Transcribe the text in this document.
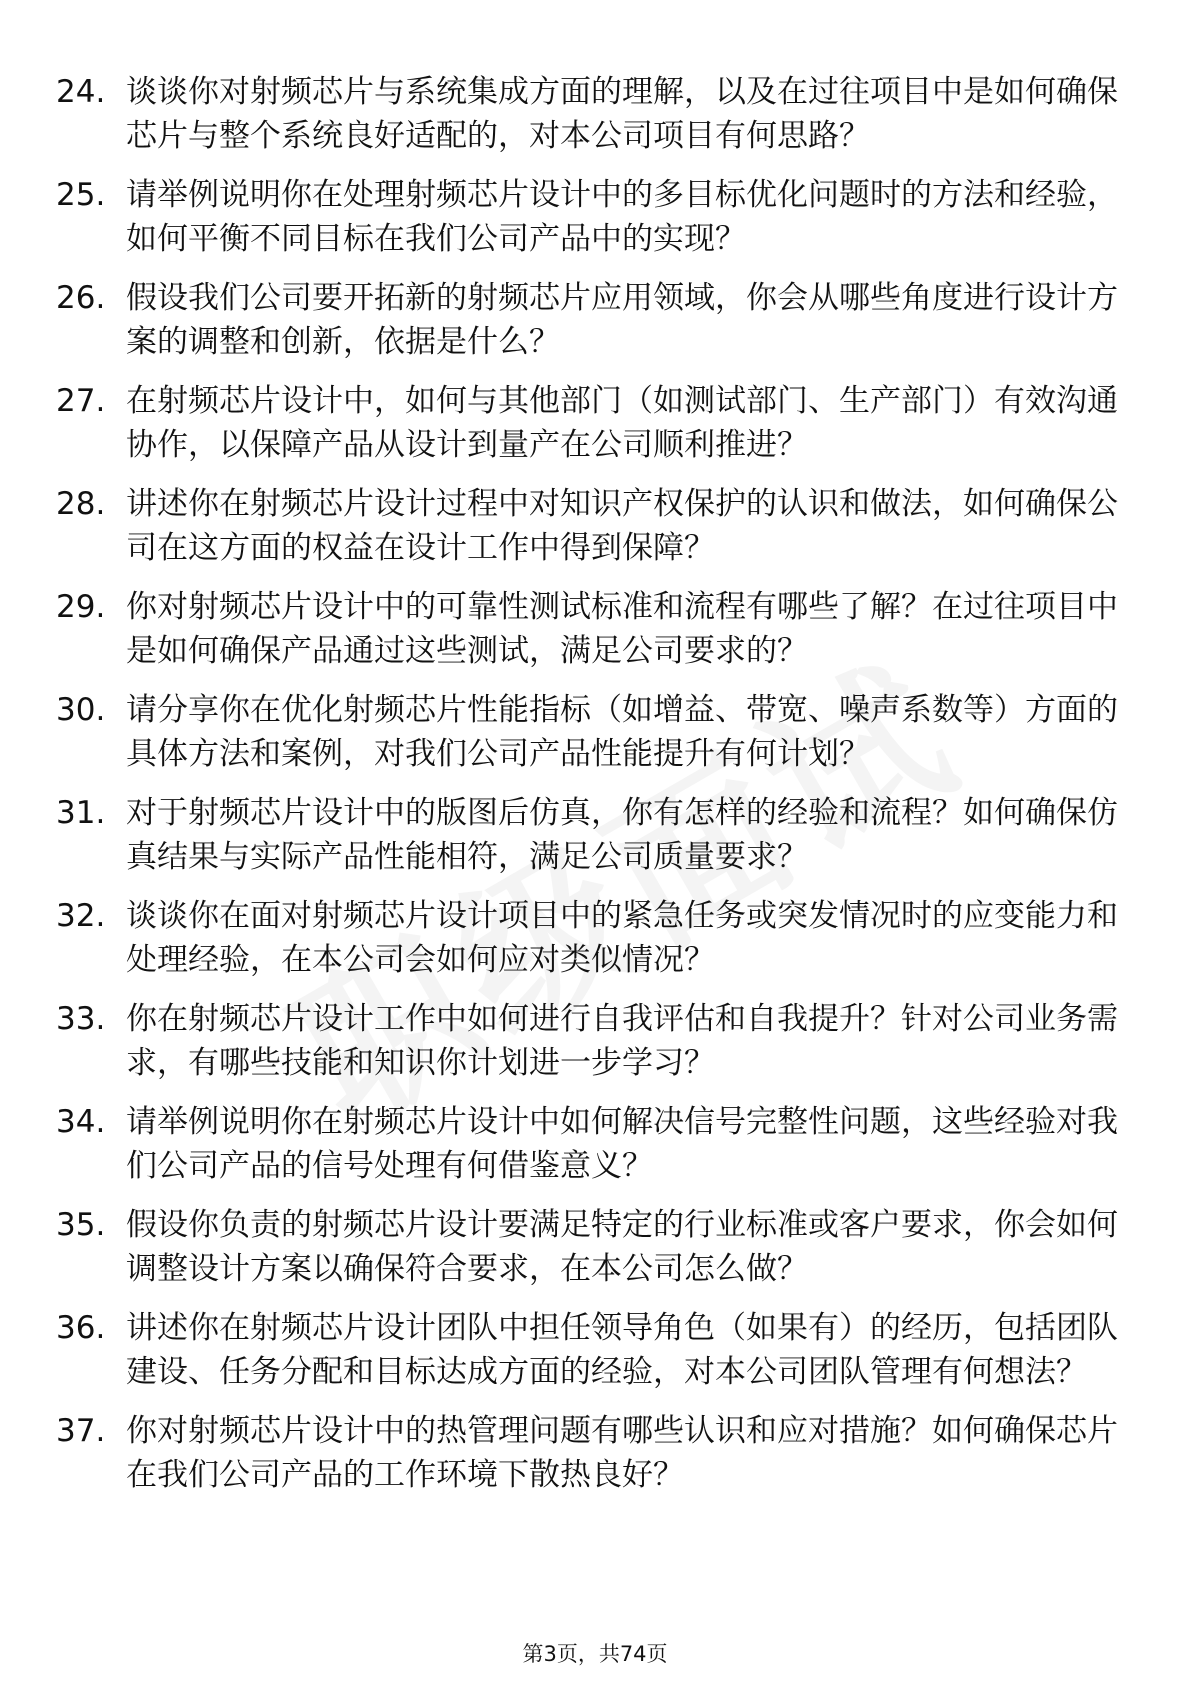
24. 谈谈你对射频芯片与系统集成方面的理解，以及在过往项目中是如何确保芯片与整个系统良好适配的，对本公司项目有何思路？
25. 请举例说明你在处理射频芯片设计中的多目标优化问题时的方法和经验，如何平衡不同目标在我们公司产品中的实现？
26. 假设我们公司要开拓新的射频芯片应用领域，你会从哪些角度进行设计方案的调整和创新，依据是什么？
27. 在射频芯片设计中，如何与其他部门（如测试部门、生产部门）有效沟通协作，以保障产品从设计到量产在公司顺利推进？
28. 讲述你在射频芯片设计过程中对知识产权保护的认识和做法，如何确保公司在这方面的权益在设计工作中得到保障？
29. 你对射频芯片设计中的可靠性测试标准和流程有哪些了解？在过往项目中是如何确保产品通过这些测试，满足公司要求的？
30. 请分享你在优化射频芯片性能指标（如增益、带宽、噪声系数等）方面的具体方法和案例，对我们公司产品性能提升有何计划？
31. 对于射频芯片设计中的版图后仿真，你有怎样的经验和流程？如何确保仿真结果与实际产品性能相符，满足公司质量要求？
32. 谈谈你在面对射频芯片设计项目中的紧急任务或突发情况时的应变能力和处理经验，在本公司会如何应对类似情况？
33. 你在射频芯片设计工作中如何进行自我评估和自我提升？针对公司业务需求，有哪些技能和知识你计划进一步学习？
34. 请举例说明你在射频芯片设计中如何解决信号完整性问题，这些经验对我们公司产品的信号处理有何借鉴意义？
35. 假设你负责的射频芯片设计要满足特定的行业标准或客户要求，你会如何调整设计方案以确保符合要求，在本公司怎么做？
36. 讲述你在射频芯片设计团队中担任领导角色（如果有）的经历，包括团队建设、任务分配和目标达成方面的经验，对本公司团队管理有何想法？
37. 你对射频芯片设计中的热管理问题有哪些认识和应对措施？如何确保芯片在我们公司产品的工作环境下散热良好？
第3页，共74页
